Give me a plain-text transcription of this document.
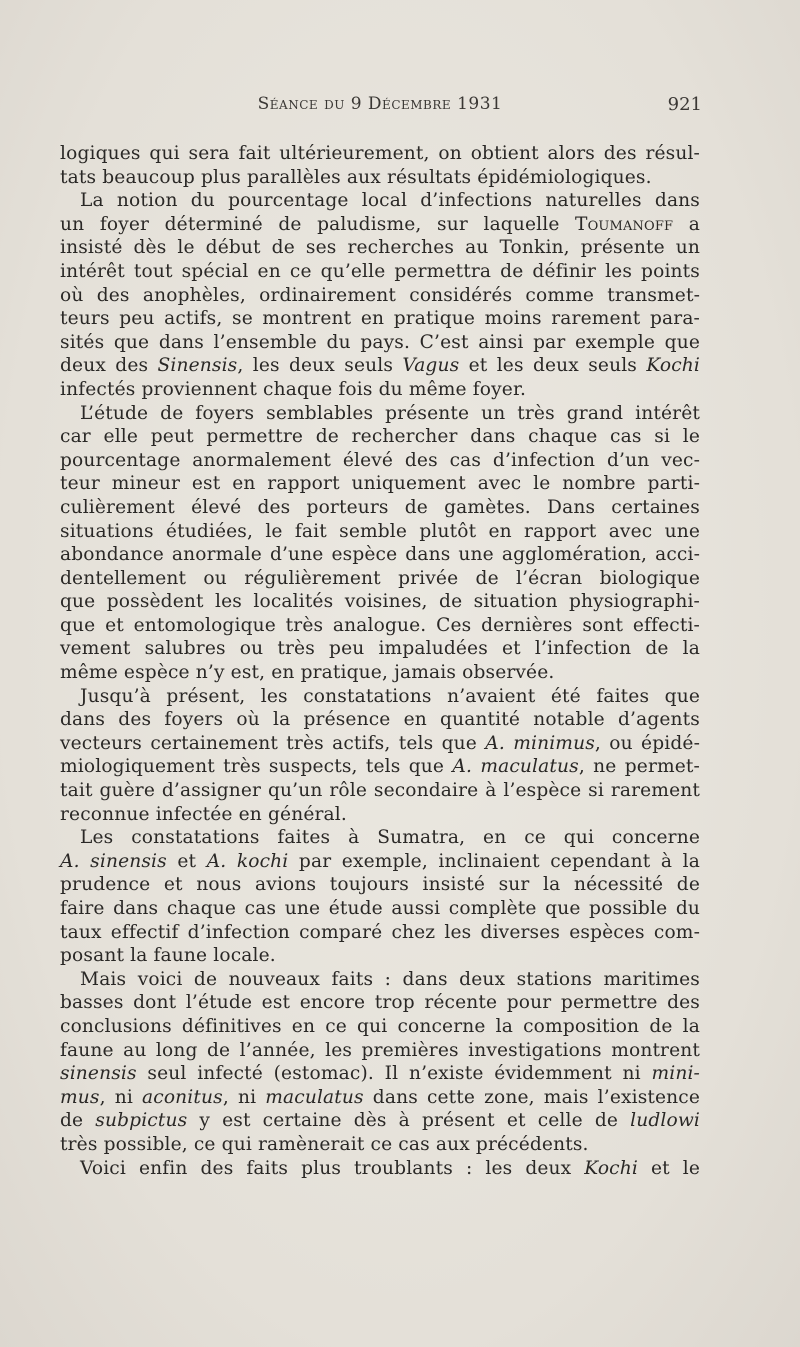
Séance du 9 Décembre 1931	921
logiques qui sera fait ultérieurement, on obtient alors des résul-
tats beaucoup plus parallèles aux résultats épidémiologiques.
La notion du pourcentage local d’infections naturelles dans
un foyer déterminé de paludisme, sur laquelle Toumanoff a
insisté dès le début de ses recherches au Tonkin, présente un
intérêt tout spécial en ce qu’elle permettra de définir les points
où des anophèles, ordinairement considérés comme transmet-
teurs peu actifs, se montrent en pratique moins rarement para-
sités que dans l’ensemble du pays. C’est ainsi par exemple que
deux des Sinensis, les deux seuls Vagus et les deux seuls Kochi
infectés proviennent chaque fois du même foyer.
L’étude de foyers semblables présente un très grand intérêt
car elle peut permettre de rechercher dans chaque cas si le
pourcentage anormalement élevé des cas d’infection d’un vec-
teur mineur est en rapport uniquement avec le nombre parti-
culièrement élevé des porteurs de gamètes. Dans certaines
situations étudiées, le fait semble plutôt en rapport avec une
abondance anormale d’une espèce dans une agglomération, acci-
dentellement ou régulièrement privée de l’écran biologique
que possèdent les localités voisines, de situation physiographi-
que et entomologique très analogue. Ces dernières sont effecti-
vement salubres ou très peu impaludées et l’infection de la
même espèce n’y est, en pratique, jamais observée.
Jusqu’à présent, les constatations n’avaient été faites que
dans des foyers où la présence en quantité notable d’agents
vecteurs certainement très actifs, tels que A. minimus, ou épidé-
miologiquement très suspects, tels que A. maculatus, ne permet-
tait guère d’assigner qu’un rôle secondaire à l’espèce si rarement
reconnue infectée en général.
Les constatations faites à Sumatra, en ce qui concerne
A. sinensis et A. kochi par exemple, inclinaient cependant à la
prudence et nous avions toujours insisté sur la nécessité de
faire dans chaque cas une étude aussi complète que possible du
taux effectif d’infection comparé chez les diverses espèces com-
posant la faune locale.
Mais voici de nouveaux faits : dans deux stations maritimes
basses dont l’étude est encore trop récente pour permettre des
conclusions définitives en ce qui concerne la composition de la
faune au long de l’année, les premières investigations montrent
sinensis seul infecté (estomac). Il n’existe évidemment ni mini-
mus, ni aconitus, ni maculatus dans cette zone, mais l’existence
de subpictus y est certaine dès à présent et celle de ludlowi
très possible, ce qui ramènerait ce cas aux précédents.
Voici enfin des faits plus troublants : les deux Kochi et le
